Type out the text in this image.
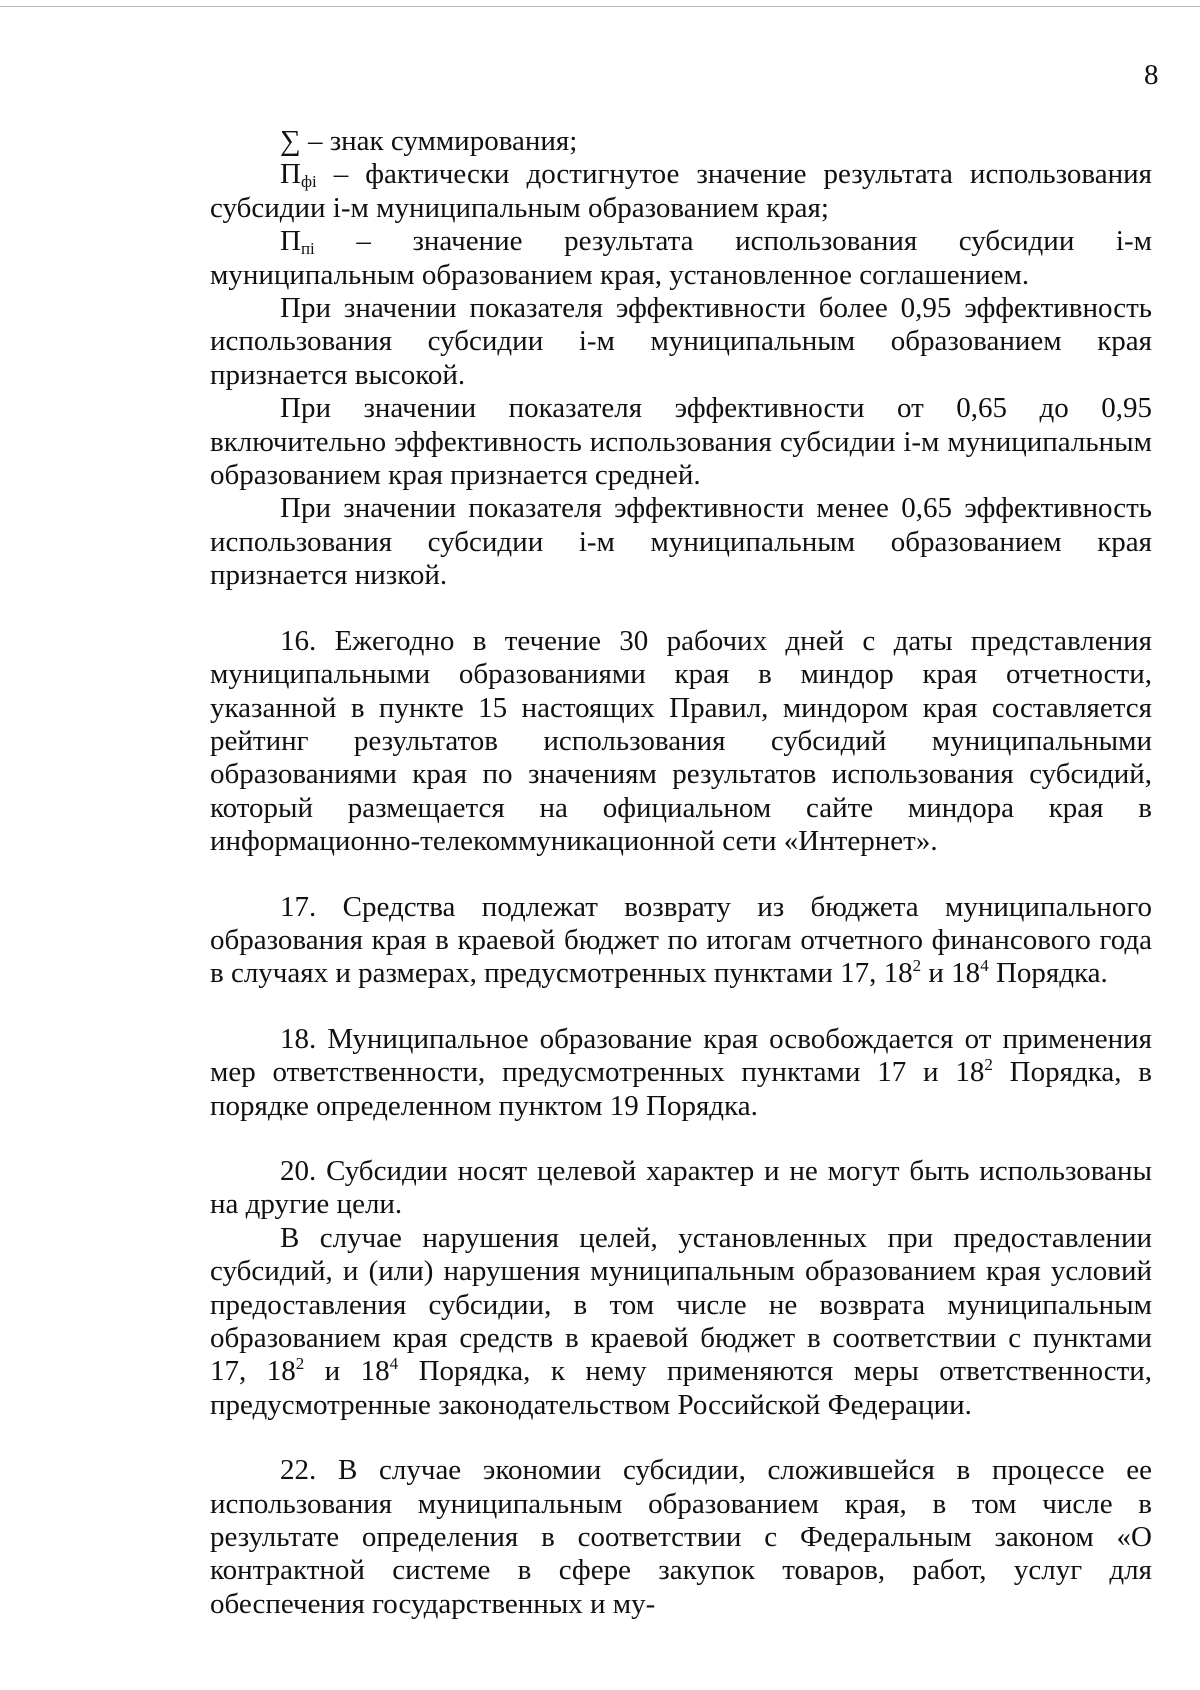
8

∑ – знак суммирования;

$П_{фi}$ – фактически достигнутое значение результата использования субсидии i-м муниципальным образованием края;

$П_{пi}$ – значение результата использования субсидии i-м муниципальным образованием края, установленное соглашением.

При значении показателя эффективности более 0,95 эффективность использования субсидии i-м муниципальным образованием края признается высокой.

При значении показателя эффективности от 0,65 до 0,95 включительно эффективность использования субсидии i-м муниципальным образованием края признается средней.

При значении показателя эффективности менее 0,65 эффективность использования субсидии i-м муниципальным образованием края признается низкой.

16. Ежегодно в течение 30 рабочих дней с даты представления муниципальными образованиями края в миндор края отчетности, указанной в пункте 15 настоящих Правил, миндором края составляется рейтинг результатов использования субсидий муниципальными образованиями края по значениям результатов использования субсидий, который размещается на официальном сайте миндора края в информационно-телекоммуникационной сети «Интернет».

17. Средства подлежат возврату из бюджета муниципального образования края в краевой бюджет по итогам отчетного финансового года в случаях и размерах, предусмотренных пунктами 17, $18^2$ и $18^4$ Порядка.

18. Муниципальное образование края освобождается от применения мер ответственности, предусмотренных пунктами 17 и $18^2$ Порядка, в порядке определенном пунктом 19 Порядка.

20. Субсидии носят целевой характер и не могут быть использованы на другие цели.

В случае нарушения целей, установленных при предоставлении субсидий, и (или) нарушения муниципальным образованием края условий предоставления субсидии, в том числе не возврата муниципальным образованием края средств в краевой бюджет в соответствии с пунктами 17, $18^2$ и $18^4$ Порядка, к нему применяются меры ответственности, предусмотренные законодательством Российской Федерации.

22. В случае экономии субсидии, сложившейся в процессе ее использования муниципальным образованием края, в том числе в результате определения в соответствии с Федеральным законом «О контрактной системе в сфере закупок товаров, работ, услуг для обеспечения государственных и му-
